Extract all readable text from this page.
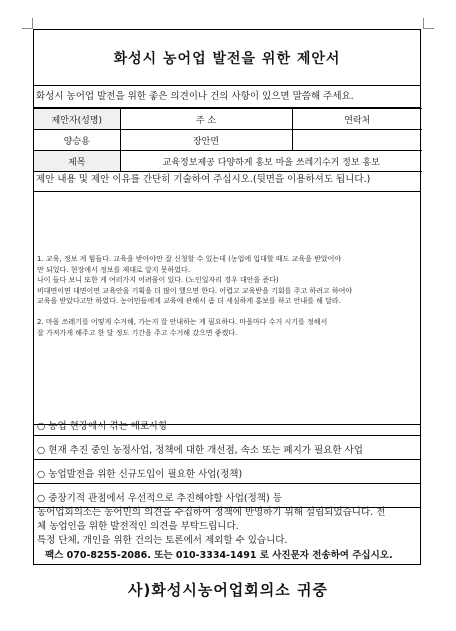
화성시 농어업 발전을 위한 제안서
화성시 농어업 발전을 위한 좋은 의견이나 건의 사항이 있으면 말씀해 주세요.
제안자(성명)	주 소	연락처
양승용	장안면	
제목	교육정보제공 다양하게 홍보 마을 쓰레기수거 정보 홍보	
제안 내용 및 제안 이유를 간단히 기술하여 주십시오.(뒷면을 이용하셔도 됩니다.)

1. 교육, 정보 게 힘들다. 교육을 받아야만 잘 신청할 수 있는데 (농업에 입대할 때도 교육을 받았어야

만 되었다. 현장에서 정보를 제대로 알지 못하였다.

나이 들다 보니 또한 게 여러가지 어려움이 있다. (노인일자리 경우 대안을 준다)

비대면이면 대면이면 교육안을 기획을 더 많이 했으면 한다. 어렵고 교육받을 기회를 주고 하려고 하여야

교육을 받았다고만 하였다. 농어민들에게 교육에 관해서 좀 더 세심하게 홍보를 하고 안내를 해 달라.

2. 마을 쓰레기를 어떻게 수거해, 가는지 잘 안내하는 게 필요하다. 마을마다 수거 시기를 정해서

잘 가져가게 해주고 한 달 정도 기간을 주고 수거해 갔으면 좋겠다.

○ 농업 현장에서 겪는 애로사항
○ 현재 추진 중인 농정사업, 정책에 대한 개선점, 속소 또는 폐지가 필요한 사업
○ 농업발전을 위한 신규도입이 필요한 사업(정책)
○ 중장기적 관점에서 우선적으로 추진해야할 사업(정책) 등

농어업회의소는 농어민의 의견을 수집하여 정책에 반영하기 위해 설립되었습니다. 전

체 농업인을 위한 발전적인 의견을 부탁드립니다.

특정 단체, 개인을 위한 건의는 토론에서 제외할 수 있습니다.

팩스 070-8255-2086. 또는 010-3334-1491 로 사진문자 전송하여 주십시오.
사)화성시농어업회의소 귀중
